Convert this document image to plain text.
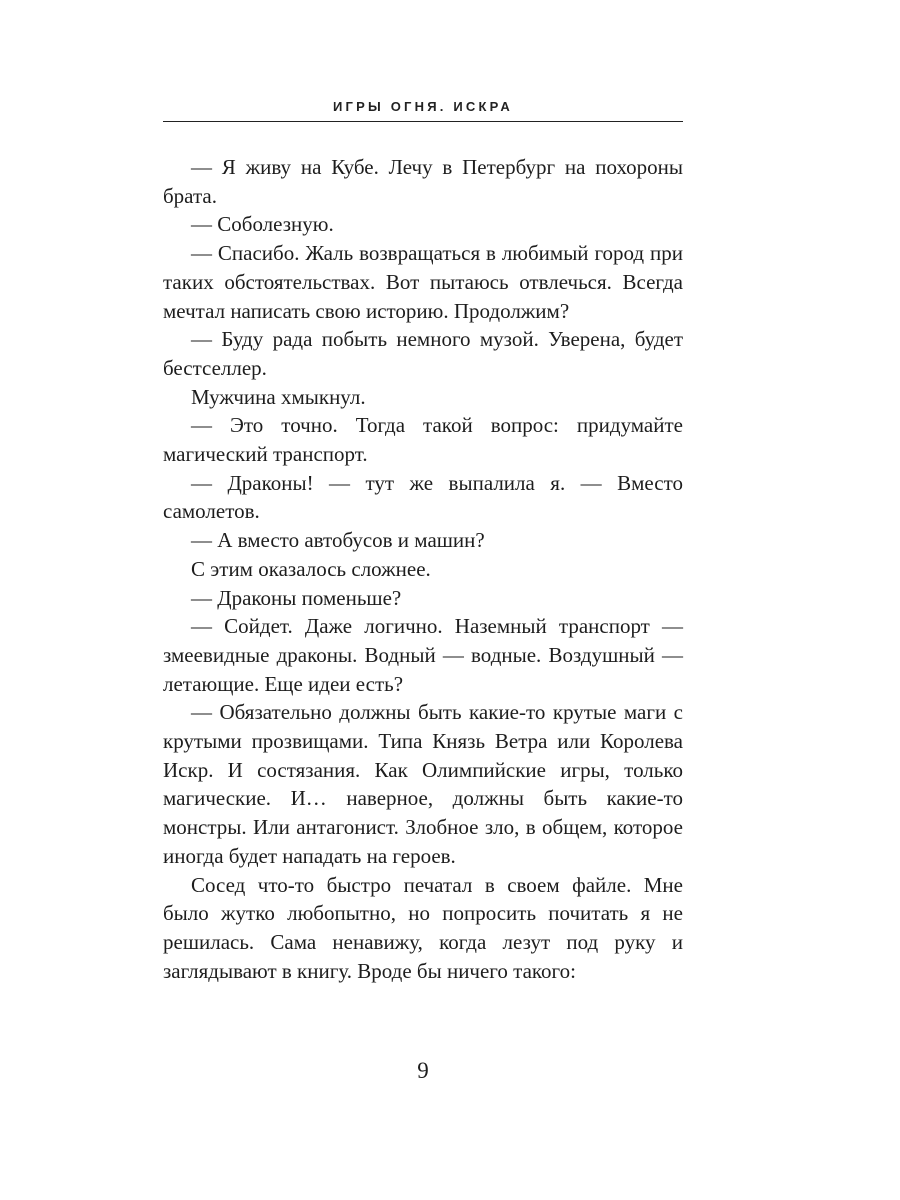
ИГРЫ ОГНЯ. ИСКРА

— Я живу на Кубе. Лечу в Петербург на похороны брата.

— Соболезную.

— Спасибо. Жаль возвращаться в любимый город при таких обстоятельствах. Вот пытаюсь отвлечься. Всегда мечтал написать свою историю. Продолжим?

— Буду рада побыть немного музой. Уверена, будет бестселлер.

Мужчина хмыкнул.

— Это точно. Тогда такой вопрос: придумайте магический транспорт.

— Драконы! — тут же выпалила я. — Вместо самолетов.

— А вместо автобусов и машин?

С этим оказалось сложнее.

— Драконы поменьше?

— Сойдет. Даже логично. Наземный транспорт — змеевидные драконы. Водный — водные. Воздушный — летающие. Еще идеи есть?

— Обязательно должны быть какие-то крутые маги с крутыми прозвищами. Типа Князь Ветра или Королева Искр. И состязания. Как Олимпийские игры, только магические. И… наверное, должны быть какие-то монстры. Или антагонист. Злобное зло, в общем, которое иногда будет нападать на героев.

Сосед что-то быстро печатал в своем файле. Мне было жутко любопытно, но попросить почитать я не решилась. Сама ненавижу, когда лезут под руку и заглядывают в книгу. Вроде бы ничего такого:

9
